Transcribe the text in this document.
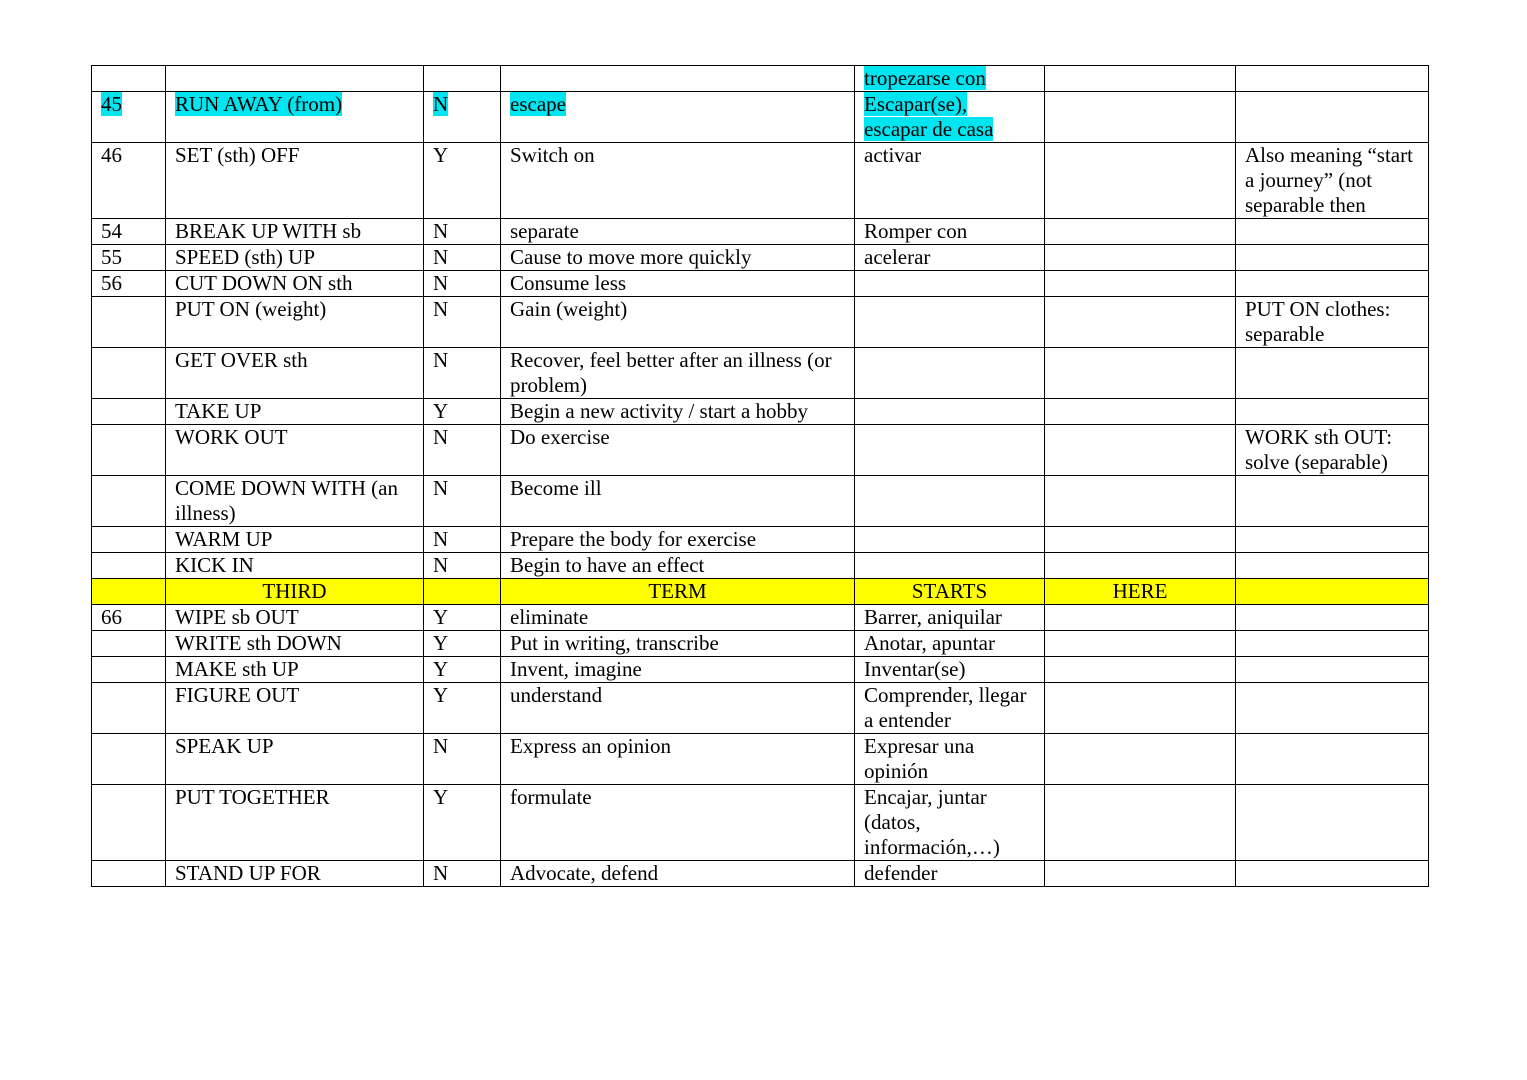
				tropezarse con		
45	RUN AWAY (from)	N	escape	Escapar(se), escapar de casa		
46	SET (sth) OFF	Y	Switch on	activar		Also meaning “start a journey” (not separable then
54	BREAK UP WITH sb	N	separate	Romper con		
55	SPEED (sth) UP	N	Cause to move more quickly	acelerar		
56	CUT DOWN ON sth	N	Consume less			
	PUT ON (weight)	N	Gain (weight)			PUT ON clothes: separable
	GET OVER sth	N	Recover, feel better after an illness (or problem)			
	TAKE UP	Y	Begin a new activity / start a hobby			
	WORK OUT	N	Do exercise			WORK sth OUT: solve (separable)
	COME DOWN WITH (an illness)	N	Become ill			
	WARM UP	N	Prepare the body for exercise			
	KICK IN	N	Begin to have an effect			
	THIRD		TERM	STARTS	HERE	
66	WIPE sb OUT	Y	eliminate	Barrer, aniquilar		
	WRITE sth DOWN	Y	Put in writing, transcribe	Anotar, apuntar		
	MAKE sth UP	Y	Invent, imagine	Inventar(se)		
	FIGURE OUT	Y	understand	Comprender, llegar a entender		
	SPEAK UP	N	Express an opinion	Expresar una opinión		
	PUT TOGETHER	Y	formulate	Encajar, juntar (datos, información,…)		
	STAND UP FOR	N	Advocate, defend	defender		
